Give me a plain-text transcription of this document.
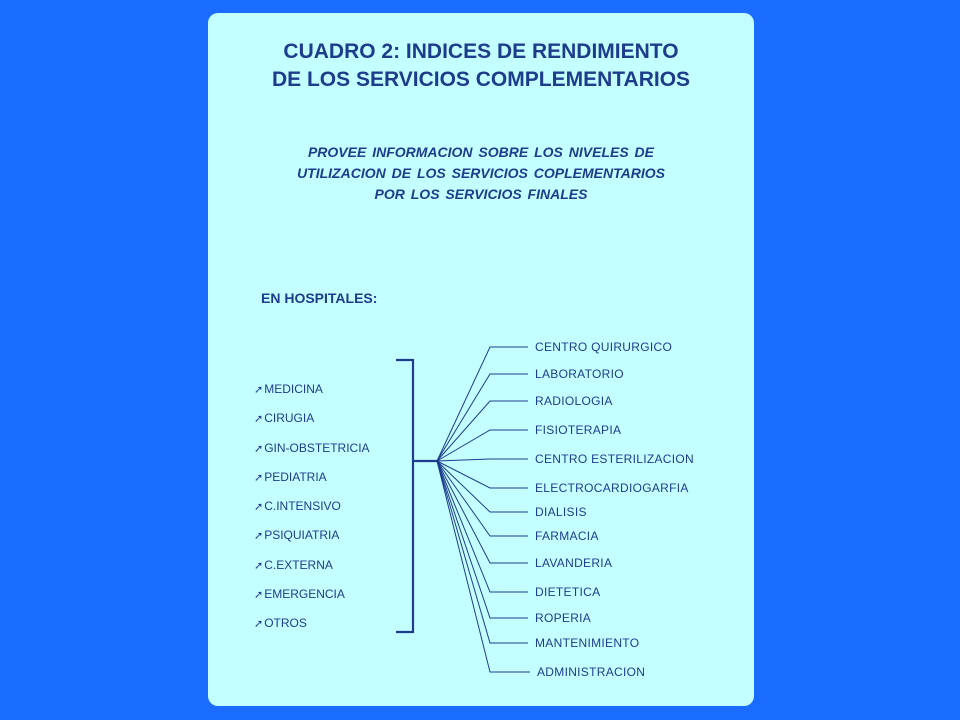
CUADRO 2: INDICES DE RENDIMIENTO
DE LOS SERVICIOS COMPLEMENTARIOS
PROVEE INFORMACION SOBRE LOS NIVELES DE
UTILIZACION DE LOS SERVICIOS COPLEMENTARIOS
POR LOS SERVICIOS FINALES
EN HOSPITALES:
➚MEDICINA
➚CIRUGIA
➚GIN-OBSTETRICIA
➚PEDIATRIA
➚C.INTENSIVO
➚PSIQUIATRIA
➚C.EXTERNA
➚EMERGENCIA
➚OTROS
CENTRO QUIRURGICO
LABORATORIO
RADIOLOGIA
FISIOTERAPIA
CENTRO ESTERILIZACION
ELECTROCARDIOGARFIA
DIALISIS
FARMACIA
LAVANDERIA
DIETETICA
ROPERIA
MANTENIMIENTO
ADMINISTRACION
